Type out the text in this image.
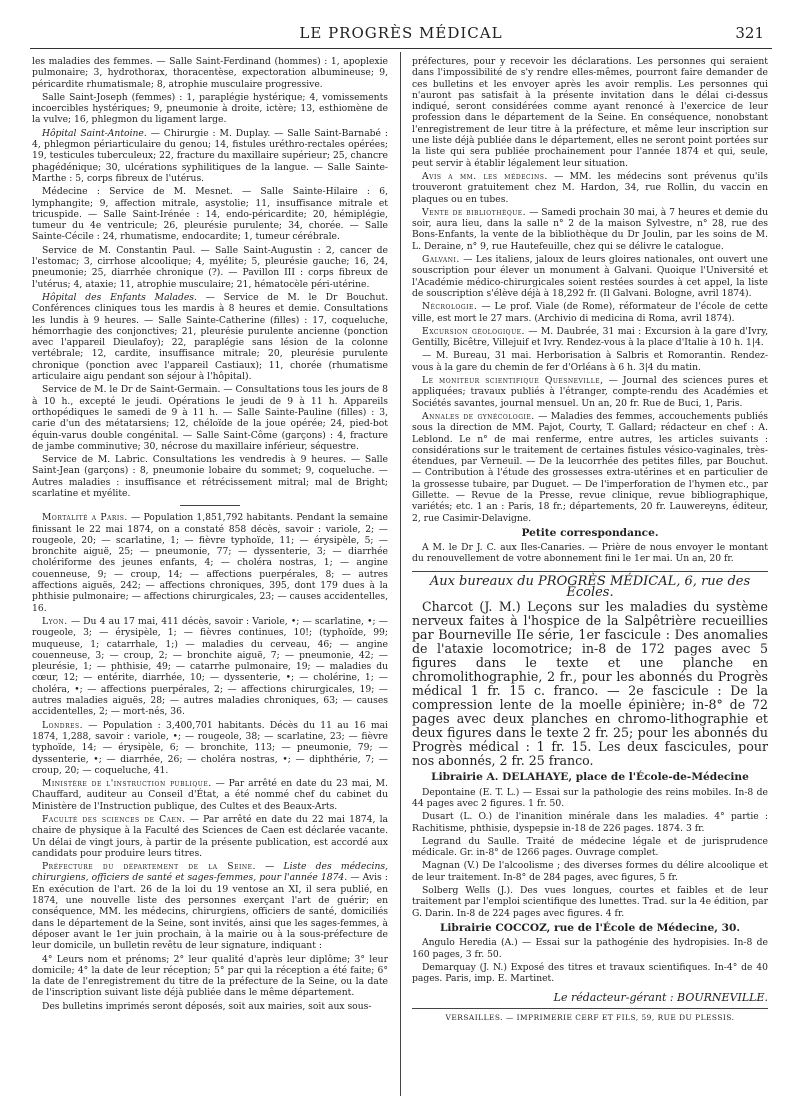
LE PROGRÈS MÉDICAL	321

les maladies des femmes. — Salle Saint-Ferdinand (hommes) : 1, apoplexie pulmonaire; 3, hydrothorax, thoracentèse, expectoration albumineuse; 9, péricardite rhumatismale; 8, atrophie musculaire progressive.

Salle Saint-Joseph (femmes) : 1, paraplégie hystérique; 4, vomissements incoercibles hystériques; 9, pneumonie à droite, ictère; 13, esthiomène de la vulve; 16, phlegmon du ligament large.

Hôpital Saint-Antoine. — Chirurgie : M. Duplay. — Salle Saint-Barnabé : 4, phlegmon périarticulaire du genou; 14, fistules uréthro-rectales opérées; 19, testicules tuberculeux; 22, fracture du maxillaire supérieur; 25, chancre phagédénique; 30, ulcérations syphilitiques de la langue. — Salle Sainte-Marthe : 5, corps fibreux de l'utérus.

Médecine : Service de M. Mesnet. — Salle Sainte-Hilaire : 6, lymphangite; 9, affection mitrale, asystolie; 11, insuffisance mitrale et tricuspide. — Salle Saint-Irénée : 14, endo-péricardite; 20, hémiplégie, tumeur du 4e ventricule; 26, pleurésie purulente; 34, chorée. — Salle Sainte-Cécile : 24, rhumatisme, endocardite; 1, tumeur cérébrale.

Service de M. Constantin Paul. — Salle Saint-Augustin : 2, cancer de l'estomac; 3, cirrhose alcoolique; 4, myélite; 5, pleurésie gauche; 16, 24, pneumonie; 25, diarrhée chronique (?). — Pavillon III : corps fibreux de l'utérus; 4, ataxie; 11, atrophie musculaire; 21, hématocèle péri-utérine.

Hôpital des Enfants Malades. — Service de M. le Dr Bouchut. Conférences cliniques tous les mardis à 8 heures et demie. Consultations les lundis à 9 heures. — Salle Sainte-Catherine (filles) : 17, coqueluche, hémorrhagie des conjonctives; 21, pleurésie purulente ancienne (ponction avec l'appareil Dieulafoy); 22, paraplégie sans lésion de la colonne vertébrale; 12, cardite, insuffisance mitrale; 20, pleurésie purulente chronique (ponction avec l'appareil Castiaux); 11, chorée (rhumatisme articulaire aigu pendant son séjour à l'hôpital).

Service de M. le Dr de Saint-Germain. — Consultations tous les jours de 8 à 10 h., excepté le jeudi. Opérations le jeudi de 9 à 11 h. Appareils orthopédiques le samedi de 9 à 11 h. — Salle Sainte-Pauline (filles) : 3, carie d'un des métatarsiens; 12, chéloïde de la joue opérée; 24, pied-bot équin-varus double congénital. — Salle Saint-Côme (garçons) : 4, fracture de jambe comminutive; 30, nécrose du maxillaire inférieur, séquestre.

Service de M. Labric. Consultations les vendredis à 9 heures. — Salle Saint-Jean (garçons) : 8, pneumonie lobaire du sommet; 9, coqueluche. — Autres maladies : insuffisance et rétrécissement mitral; mal de Bright; scarlatine et myélite.

Mortalité a Paris. — Population 1,851,792 habitants. Pendant la semaine finissant le 22 mai 1874, on a constaté 858 décès, savoir : variole, 2; — rougeole, 20; — scarlatine, 1; — fièvre typhoïde, 11; — érysipèle, 5; — bronchite aiguë, 25; — pneumonie, 77; — dyssenterie, 3; — diarrhée cholériforme des jeunes enfants, 4; — choléra nostras, 1; — angine couenneuse, 9; — croup, 14; — affections puerpérales, 8; — autres affections aiguës, 242; — affections chroniques, 395, dont 179 dues à la phthisie pulmonaire; — affections chirurgicales, 23; — causes accidentelles, 16.

Lyon. — Du 4 au 17 mai, 411 décès, savoir : Variole, •; — scarlatine, •; — rougeole, 3; — érysipèle, 1; — fièvres continues, 10!; (typhoïde, 99; muqueuse, 1; catarrhale, 1;) — maladies du cerveau, 46; — angine couenneuse, 3; — croup, 2; — bronchite aiguë, 7; — pneumonie, 42; — pleurésie, 1; — phthisie, 49; — catarrhe pulmonaire, 19; — maladies du cœur, 12; — entérite, diarrhée, 10; — dyssenterie, •; — cholérine, 1; — choléra, •; — affections puerpérales, 2; — affections chirurgicales, 19; — autres maladies aiguës, 28; — autres maladies chroniques, 63; — causes accidentelles, 2; — mort-nés, 36.

Londres. — Population : 3,400,701 habitants. Décès du 11 au 16 mai 1874, 1,288, savoir : variole, •; — rougeole, 38; — scarlatine, 23; — fièvre typhoïde, 14; — érysipèle, 6; — bronchite, 113; — pneumonie, 79; — dyssenterie, •; — diarrhée, 26; — choléra nostras, •; — diphthérie, 7; — croup, 20; — coqueluche, 41.

Ministère de l'instruction publique. — Par arrêté en date du 23 mai, M. Chauffard, auditeur au Conseil d'État, a été nommé chef du cabinet du Ministère de l'Instruction publique, des Cultes et des Beaux-Arts.

Faculté des sciences de Caen. — Par arrêté en date du 22 mai 1874, la chaire de physique à la Faculté des Sciences de Caen est déclarée vacante. Un délai de vingt jours, à partir de la présente publication, est accordé aux candidats pour produire leurs titres.

Préfecture du département de la Seine. — Liste des médecins, chirurgiens, officiers de santé et sages-femmes, pour l'année 1874. — Avis : En exécution de l'art. 26 de la loi du 19 ventose an XI, il sera publié, en 1874, une nouvelle liste des personnes exerçant l'art de guérir; en conséquence, MM. les médecins, chirurgiens, officiers de santé, domiciliés dans le département de la Seine, sont invités, ainsi que les sages-femmes, à déposer avant le 1er juin prochain, à la mairie ou à la sous-préfecture de leur domicile, un bulletin revêtu de leur signature, indiquant :

4° Leurs nom et prénoms; 2° leur qualité d'après leur diplôme; 3° leur domicile; 4° la date de leur réception; 5° par qui la réception a été faite; 6° la date de l'enregistrement du titre de la préfecture de la Seine, ou la date de l'inscription suivant liste déjà publiée dans le même département.

Des bulletins imprimés seront déposés, soit aux mairies, soit aux sous-

préfectures, pour y recevoir les déclarations. Les personnes qui seraient dans l'impossibilité de s'y rendre elles-mêmes, pourront faire demander de ces bulletins et les envoyer après les avoir remplis. Les personnes qui n'auront pas satisfait à la présente invitation dans le délai ci-dessus indiqué, seront considérées comme ayant renoncé à l'exercice de leur profession dans le département de la Seine. En conséquence, nonobstant l'enregistrement de leur titre à la préfecture, et même leur inscription sur une liste déjà publiée dans le département, elles ne seront point portées sur la liste qui sera publiée prochainement pour l'année 1874 et qui, seule, peut servir à établir légalement leur situation.

Avis a mm. les médecins. — MM. les médecins sont prévenus qu'ils trouveront gratuitement chez M. Hardon, 34, rue Rollin, du vaccin en plaques ou en tubes.

Vente de bibliothèque. — Samedi prochain 30 mai, à 7 heures et demie du soir, aura lieu, dans la salle n° 2 de la maison Sylvestre, n° 28, rue des Bons-Enfants, la vente de la bibliothèque du Dr Joulin, par les soins de M. L. Deraine, n° 9, rue Hautefeuille, chez qui se délivre le catalogue.

Galvani. — Les italiens, jaloux de leurs gloires nationales, ont ouvert une souscription pour élever un monument à Galvani. Quoique l'Université et l'Académie médico-chirurgicales soient restées sourdes à cet appel, la liste de souscription s'élève déjà à 18,292 fr. (Il Galvani. Bologne, avril 1874).

Nécrologie. — Le prof. Viale (de Rome), réformateur de l'école de cette ville, est mort le 27 mars. (Archivio di medicina di Roma, avril 1874).

Excursion géologique. — M. Daubrée, 31 mai : Excursion à la gare d'Ivry, Gentilly, Bicêtre, Villejuif et Ivry. Rendez-vous à la place d'Italie à 10 h. 1|4.

— M. Bureau, 31 mai. Herborisation à Salbris et Romorantin. Rendez-vous à la gare du chemin de fer d'Orléans à 6 h. 3|4 du matin.

Le moniteur scientifique Quesneville, — Journal des sciences pures et appliquées; travaux publiés à l'étranger, compte-rendu des Académies et Sociétés savantes, journal mensuel. Un an, 20 fr. Rue de Buci, 1, Paris.

Annales de gynécologie. — Maladies des femmes, accouchements publiés sous la direction de MM. Pajot, Courty, T. Gallard; rédacteur en chef : A. Leblond. Le n° de mai renferme, entre autres, les articles suivants : considérations sur le traitement de certaines fistules vésico-vaginales, très-étendues, par Verneuil. — De la leucorrhée des petites filles, par Bouchut. — Contribution à l'étude des grossesses extra-utérines et en particulier de la grossesse tubaire, par Duguet. — De l'imperforation de l'hymen etc., par Gillette. — Revue de la Presse, revue clinique, revue bibliographique, variétés; etc. 1 an : Paris, 18 fr.; départements, 20 fr. Lauwereyns, éditeur, 2, rue Casimir-Delavigne.

Petite correspondance.

A M. le Dr J. C. aux Iles-Canaries. — Prière de nous envoyer le montant du renouvellement de votre abonnement fini le 1er mai. Un an, 20 fr.

Aux bureaux du PROGRÈS MÉDICAL, 6, rue des Écoles.

Charcot (J. M.) Leçons sur les maladies du système nerveux faites à l'hospice de la Salpêtrière recueillies par Bourneville IIe série, 1er fascicule : Des anomalies de l'ataxie locomotrice; in-8 de 172 pages avec 5 figures dans le texte et une planche en chromolithographie, 2 fr., pour les abonnés du Progrès médical 1 fr. 15 c. franco. — 2e fascicule : De la compression lente de la moelle épinière; in-8° de 72 pages avec deux planches en chromo-lithographie et deux figures dans le texte 2 fr. 25; pour les abonnés du Progrès médical : 1 fr. 15. Les deux fascicules, pour nos abonnés, 2 fr. 25 franco.

Librairie A. DELAHAYE, place de l'École-de-Médecine

Depontaine (E. T. L.) — Essai sur la pathologie des reins mobiles. In-8 de 44 pages avec 2 figures. 1 fr. 50.

Dusart (L. O.) de l'inanition minérale dans les maladies. 4° partie : Rachitisme, phthisie, dyspepsie in-18 de 226 pages. 1874. 3 fr.

Legrand du Saulle. Traité de médecine légale et de jurisprudence médicale. Gr. in-8° de 1266 pages. Ouvrage complet.

Magnan (V.) De l'alcoolisme ; des diverses formes du délire alcoolique et de leur traitement. In-8° de 284 pages, avec figures, 5 fr.

Solberg Wells (J.). Des vues longues, courtes et faibles et de leur traitement par l'emploi scientifique des lunettes. Trad. sur la 4e édition, par G. Darin. In-8 de 224 pages avec figures. 4 fr.

Librairie COCCOZ, rue de l'École de Médecine, 30.

Angulo Heredia (A.) — Essai sur la pathogénie des hydropisies. In-8 de 160 pages, 3 fr. 50.

Demarquay (J. N.) Exposé des titres et travaux scientifiques. In-4° de 40 pages. Paris, imp. E. Martinet.

Le rédacteur-gérant : BOURNEVILLE.
VERSAILLES. — IMPRIMERIE CERF ET FILS, 59, RUE DU PLESSIS.
